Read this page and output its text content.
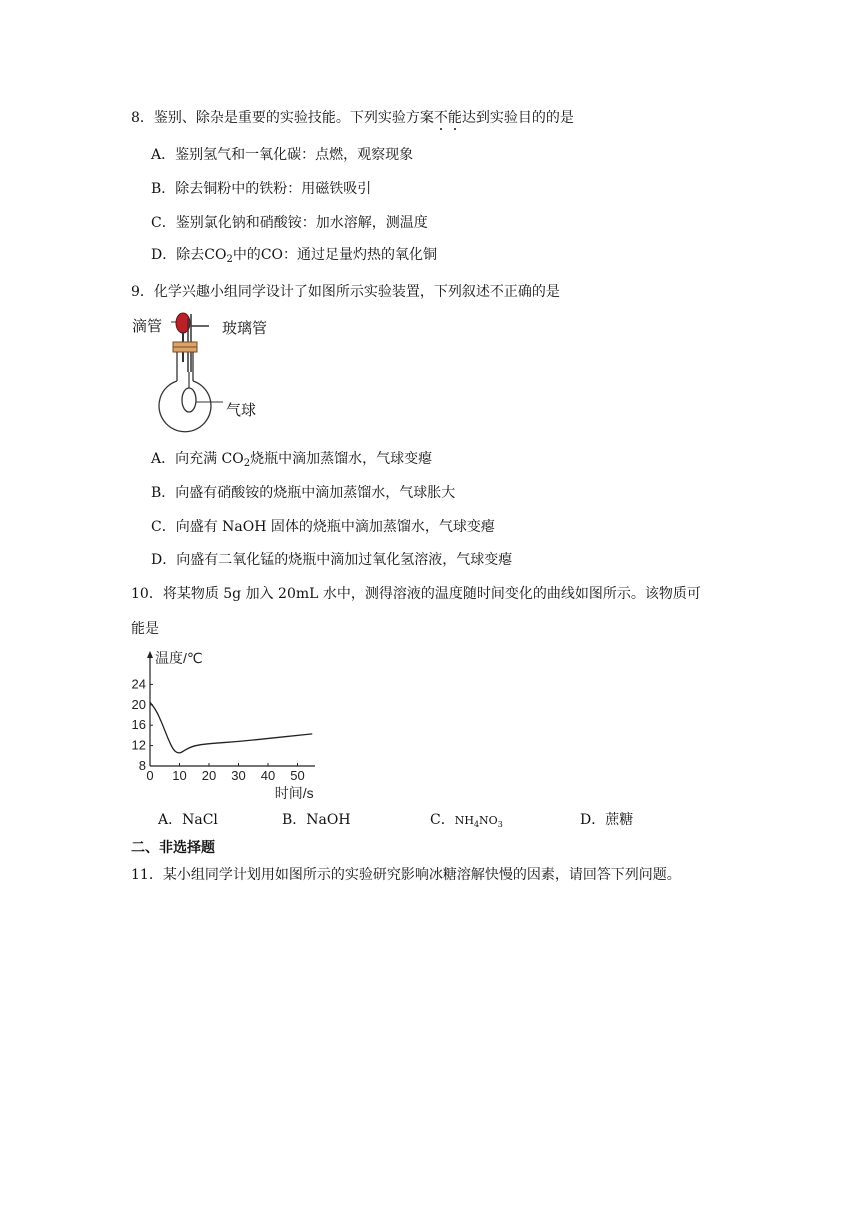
8．鉴别、除杂是重要的实验技能。下列实验方案不能达到实验目的的是
A．鉴别氢气和一氧化碳：点燃，观察现象
B．除去铜粉中的铁粉：用磁铁吸引
C．鉴别氯化钠和硝酸铵：加水溶解，测温度
D．除去$CO_2$中的CO：通过足量灼热的氧化铜
9．化学兴趣小组同学设计了如图所示实验装置，下列叙述不正确的是
滴管	玻璃管
气球
A．向充满 $CO_2$烧瓶中滴加蒸馏水，气球变瘪
B．向盛有硝酸铵的烧瓶中滴加蒸馏水，气球胀大
C．向盛有 NaOH 固体的烧瓶中滴加蒸馏水，气球变瘪
D．向盛有二氧化锰的烧瓶中滴加过氧化氢溶液，气球变瘪
10．将某物质 5g 加入 20mL 水中，测得溶液的温度随时间变化的曲线如图所示。该物质可
能是
0 10 20 30 40 50
8
12
16
20
24
温度/℃
时间/s
A．NaCl	B．NaOH	C．$NH_4NO_3$	D．蔗糖
二、非选择题
11．某小组同学计划用如图所示的实验研究影响冰糖溶解快慢的因素，请回答下列问题。
